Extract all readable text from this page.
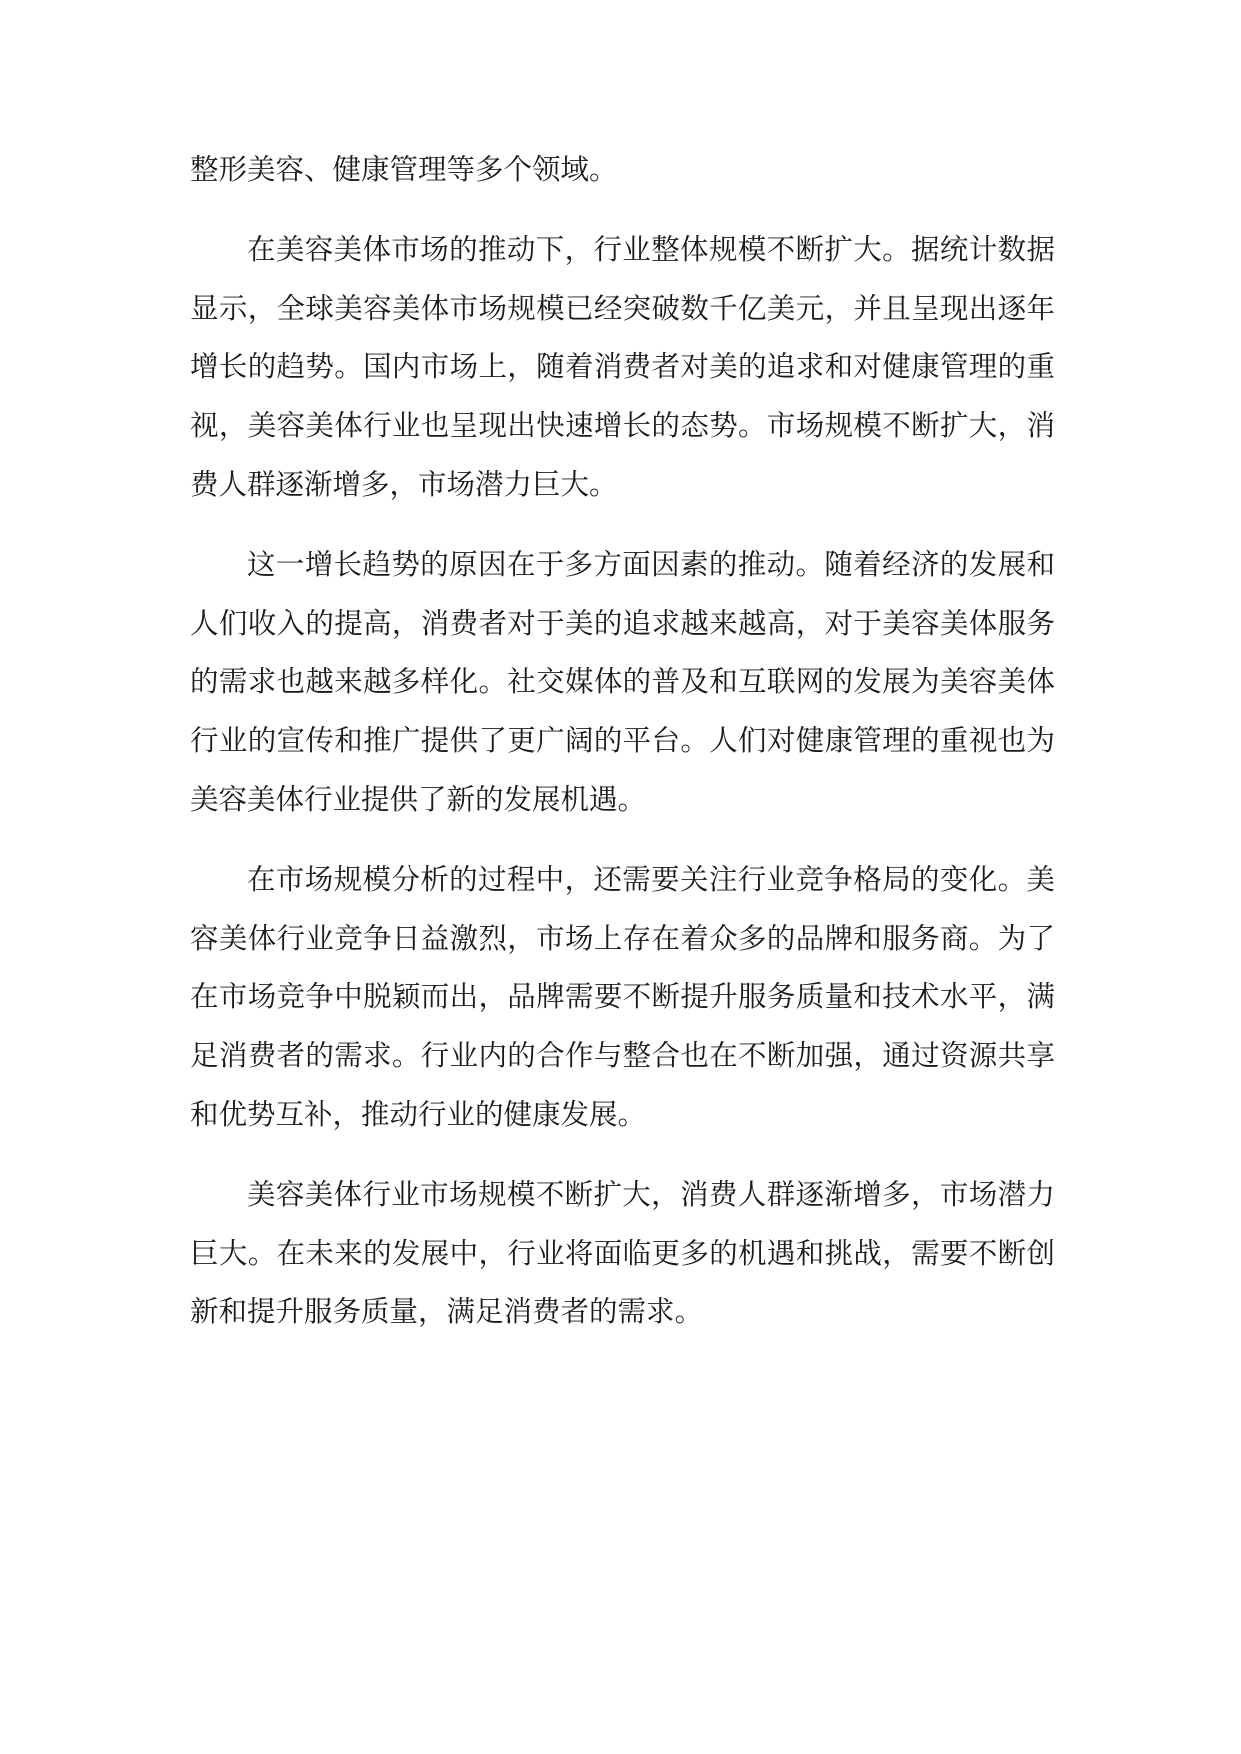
整形美容、健康管理等多个领域。

在美容美体市场的推动下，行业整体规模不断扩大。据统计数据显示，全球美容美体市场规模已经突破数千亿美元，并且呈现出逐年增长的趋势。国内市场上，随着消费者对美的追求和对健康管理的重视，美容美体行业也呈现出快速增长的态势。市场规模不断扩大，消费人群逐渐增多，市场潜力巨大。

这一增长趋势的原因在于多方面因素的推动。随着经济的发展和人们收入的提高，消费者对于美的追求越来越高，对于美容美体服务的需求也越来越多样化。社交媒体的普及和互联网的发展为美容美体行业的宣传和推广提供了更广阔的平台。人们对健康管理的重视也为美容美体行业提供了新的发展机遇。

在市场规模分析的过程中，还需要关注行业竞争格局的变化。美容美体行业竞争日益激烈，市场上存在着众多的品牌和服务商。为了在市场竞争中脱颖而出，品牌需要不断提升服务质量和技术水平，满足消费者的需求。行业内的合作与整合也在不断加强，通过资源共享和优势互补，推动行业的健康发展。

美容美体行业市场规模不断扩大，消费人群逐渐增多，市场潜力巨大。在未来的发展中，行业将面临更多的机遇和挑战，需要不断创新和提升服务质量，满足消费者的需求。
